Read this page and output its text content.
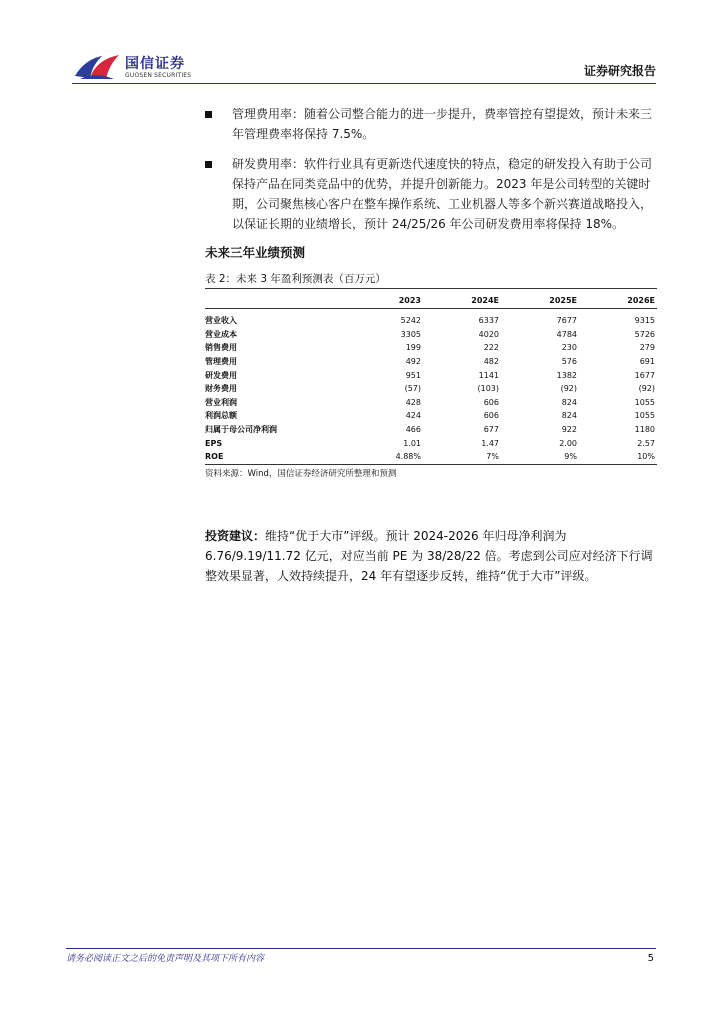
国信证券
GUOSEN SECURITIES	证券研究报告
管理费用率：随着公司整合能力的进一步提升，费率管控有望提效，预计未来三年管理费率将保持 7.5%。
研发费用率：软件行业具有更新迭代速度快的特点，稳定的研发投入有助于公司保持产品在同类竞品中的优势，并提升创新能力。2023 年是公司转型的关键时期，公司聚焦核心客户在整车操作系统、工业机器人等多个新兴赛道战略投入，以保证长期的业绩增长，预计 24/25/26 年公司研发费用率将保持 18%。
未来三年业绩预测
表 2：未来 3 年盈利预测表（百万元）
	2023	2024E	2025E	2026E
营业收入	5242	6337	7677	9315
营业成本	3305	4020	4784	5726
销售费用	199	222	230	279
管理费用	492	482	576	691
研发费用	951	1141	1382	1677
财务费用	(57)	(103)	(92)	(92)
营业利润	428	606	824	1055
利润总额	424	606	824	1055
归属于母公司净利润	466	677	922	1180
EPS	1.01	1.47	2.00	2.57
ROE	4.88%	7%	9%	10%
资料来源：Wind，国信证券经济研究所整理和预测

投资建议：维持“优于大市”评级。预计 2024-2026 年归母净利润为 6.76/9.19/11.72 亿元，对应当前 PE 为 38/28/22 倍。考虑到公司应对经济下行调整效果显著，人效持续提升，24 年有望逐步反转，维持“优于大市”评级。

请务必阅读正文之后的免责声明及其项下所有内容	5
